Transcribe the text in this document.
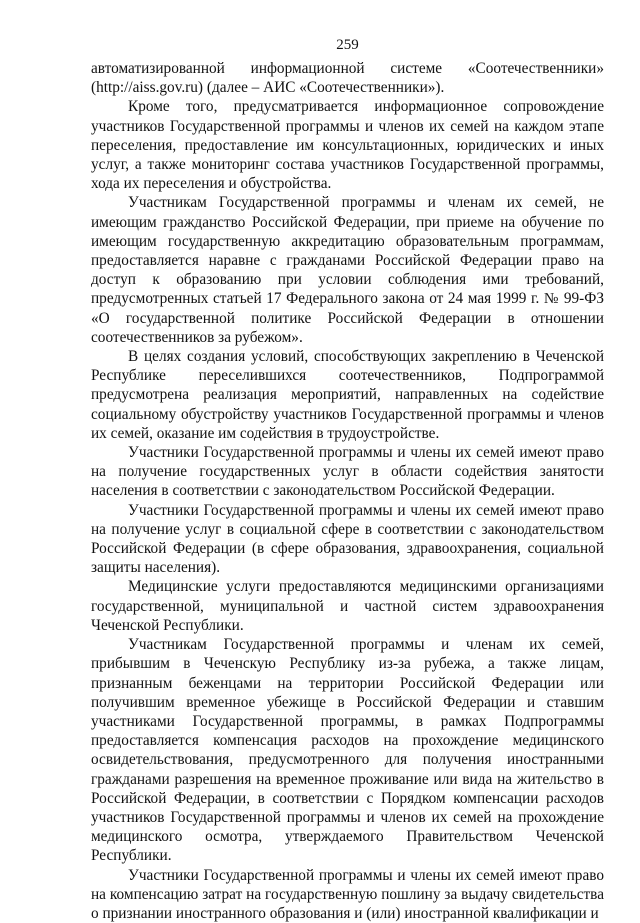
259

автоматизированной информационной системе «Соотечественники» (http://aiss.gov.ru) (далее – АИС «Соотечественники»).

Кроме того, предусматривается информационное сопровождение участников Государственной программы и членов их семей на каждом этапе переселения, предоставление им консультационных, юридических и иных услуг, а также мониторинг состава участников Государственной программы, хода их переселения и обустройства.

Участникам Государственной программы и членам их семей, не имеющим гражданство Российской Федерации, при приеме на обучение по имеющим государственную аккредитацию образовательным программам, предоставляется наравне с гражданами Российской Федерации право на доступ к образованию при условии соблюдения ими требований, предусмотренных статьей 17 Федерального закона от 24 мая 1999 г. № 99-ФЗ «О государственной политике Российской Федерации в отношении соотечественников за рубежом».

В целях создания условий, способствующих закреплению в Чеченской Республике переселившихся соотечественников, Подпрограммой предусмотрена реализация мероприятий, направленных на содействие социальному обустройству участников Государственной программы и членов их семей, оказание им содействия в трудоустройстве.

Участники Государственной программы и члены их семей имеют право на получение государственных услуг в области содействия занятости населения в соответствии с законодательством Российской Федерации.

Участники Государственной программы и члены их семей имеют право на получение услуг в социальной сфере в соответствии с законодательством Российской Федерации (в сфере образования, здравоохранения, социальной защиты населения).

Медицинские услуги предоставляются медицинскими организациями государственной, муниципальной и частной систем здравоохранения Чеченской Республики.

Участникам Государственной программы и членам их семей, прибывшим в Чеченскую Республику из-за рубежа, а также лицам, признанным беженцами на территории Российской Федерации или получившим временное убежище в Российской Федерации и ставшим участниками Государственной программы, в рамках Подпрограммы предоставляется компенсация расходов на прохождение медицинского освидетельствования, предусмотренного для получения иностранными гражданами разрешения на временное проживание или вида на жительство в Российской Федерации, в соответствии с Порядком компенсации расходов участников Государственной программы и членов их семей на прохождение медицинского осмотра, утверждаемого Правительством Чеченской Республики.

Участники Государственной программы и члены их семей имеют право на компенсацию затрат на государственную пошлину за выдачу свидетельства о признании иностранного образования и (или) иностранной квалификации и
